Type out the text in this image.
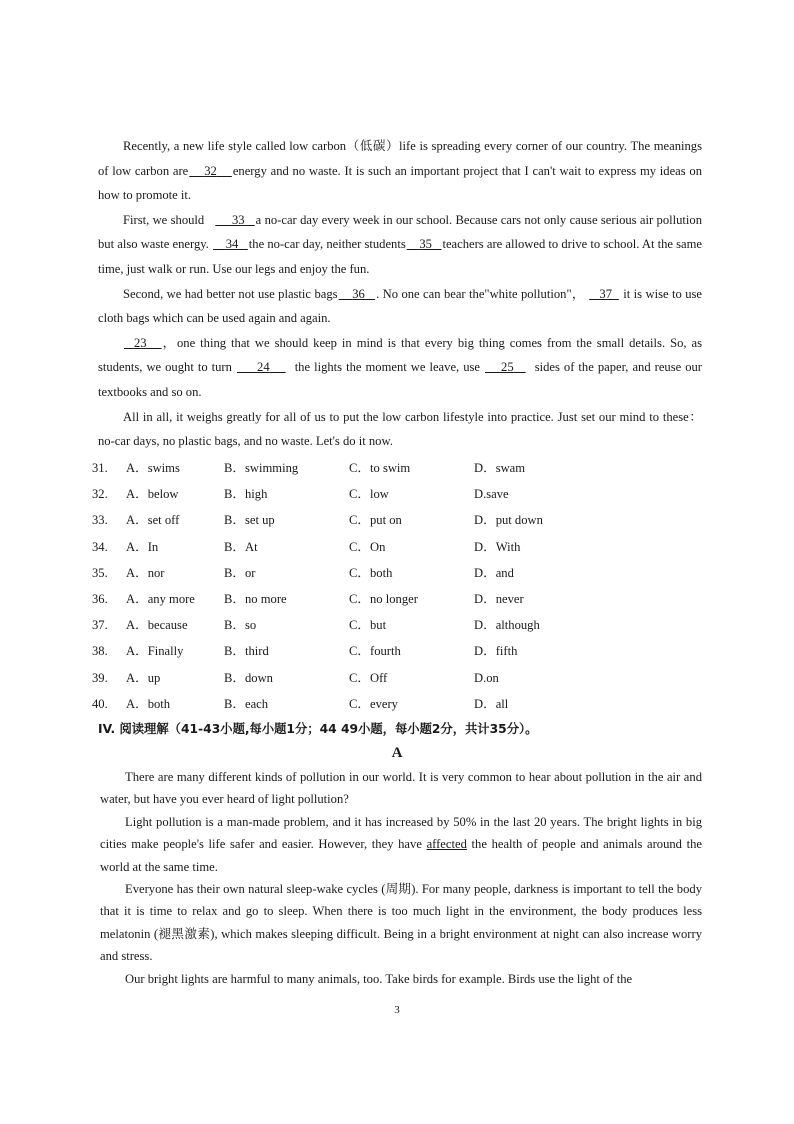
Recently, a new life style called low carbon（低碳）life is spreading every corner of our country. The meanings of low carbon are 32 energy and no waste. It is such an important project that I can't wait to express my ideas on how to promote it.

First, we should 33 a no-car day every week in our school. Because cars not only cause serious air pollution but also waste energy. 34 the no-car day, neither students 35 teachers are allowed to drive to school. At the same time, just walk or run. Use our legs and enjoy the fun.

Second, we had better not use plastic bags 36 . No one can bear the"white pollution"， 37 it is wise to use cloth bags which can be used again and again.

23 ，one thing that we should keep in mind is that every big thing comes from the small details. So, as students, we ought to turn 24 the lights the moment we leave, use 25 sides of the paper, and reuse our textbooks and so on.

All in all, it weighs greatly for all of us to put the low carbon lifestyle into practice. Just set our mind to these：no-car days, no plastic bags, and no waste. Let's do it now.

31.	A．swims	B．swimming	C．to swim	D．swam
32.	A．below	B．high	C．low	D.save
33.	A．set off	B．set up	C．put on	D．put down
34.	A．In	B．At	C．On	D．With
35.	A．nor	B．or	C．both	D．and
36.	A．any more	B．no more	C．no longer	D．never
37.	A．because	B．so	C．but	D．although
38.	A．Finally	B．third	C．fourth	D．fifth
39.	A．up	B．down	C．Off	D.on
40.	A．both	B．each	C．every	D．all
IV. 阅读理解（41-43小题,每小题1分；44 49小题，每小题2分，共计35分）。
A

There are many different kinds of pollution in our world. It is very common to hear about pollution in the air and water, but have you ever heard of light pollution?

Light pollution is a man-made problem, and it has increased by 50% in the last 20 years. The bright lights in big cities make people's life safer and easier. However, they have affected the health of people and animals around the world at the same time.

Everyone has their own natural sleep-wake cycles (周期). For many people, darkness is important to tell the body that it is time to relax and go to sleep. When there is too much light in the environment, the body produces less melatonin (褪黑激素), which makes sleeping difficult. Being in a bright environment at night can also increase worry and stress.

Our bright lights are harmful to many animals, too. Take birds for example. Birds use the light of the

3
